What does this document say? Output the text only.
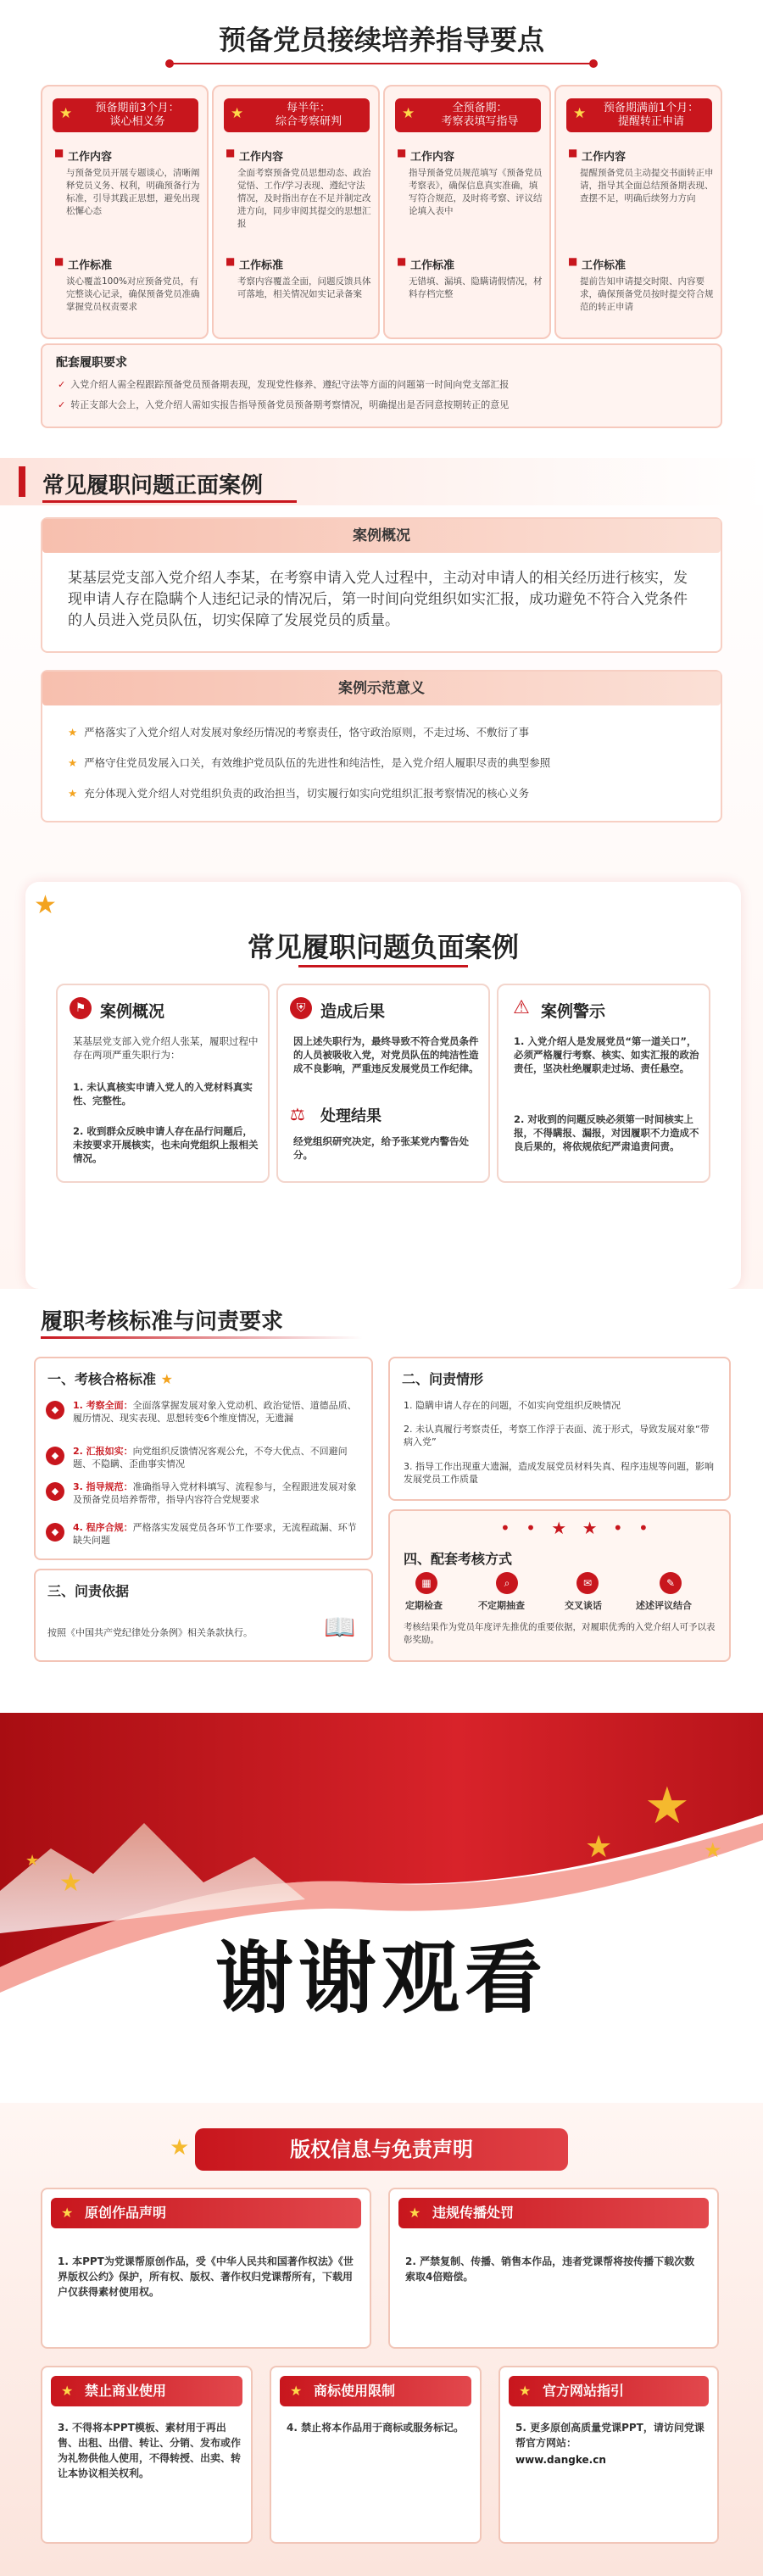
预备党员接续培养指导要点
★	预备期前3个月：
谈心相义务
■ 工作内容
与预备党员开展专题谈心，清晰阐释党员义务、权利，明确预备行为标准，引导其践正思想，避免出现松懈心态
■ 工作标准
谈心覆盖100%对应预备党员，有完整谈心记录，确保预备党员准确掌握党员权责要求
★	每半年：
综合考察研判
■ 工作内容
全面考察预备党员思想动态、政治觉悟、工作/学习表现、遵纪守法情况，及时指出存在不足并制定改进方向，同步审阅其提交的思想汇报
■ 工作标准
考察内容覆盖全面，问题反馈具体可落地，相关情况如实记录备案
★	全预备期：
考察表填写指导
■ 工作内容
指导预备党员规范填写《预备党员考察表》，确保信息真实准确，填写符合规范，及时将考察、评议结论填入表中
■ 工作标准
无错填、漏填、隐瞒请假情况，材料存档完整
★	预备期满前1个月：
提醒转正申请
■ 工作内容
提醒预备党员主动提交书面转正申请，指导其全面总结预备期表现、查摆不足，明确后续努力方向
■ 工作标准
提前告知申请提交时限、内容要求，确保预备党员按时提交符合规范的转正申请
配套履职要求
✓ 入党介绍人需全程跟踪预备党员预备期表现，发现党性修养、遵纪守法等方面的问题第一时间向党支部汇报
✓ 转正支部大会上，入党介绍人需如实报告指导预备党员预备期考察情况，明确提出是否同意按期转正的意见
常见履职问题正面案例
案例概况
某基层党支部入党介绍人李某，在考察申请入党人过程中，主动对申请人的相关经历进行核实，发现申请人存在隐瞒个人违纪记录的情况后，第一时间向党组织如实汇报，成功避免不符合入党条件的人员进入党员队伍，切实保障了发展党员的质量。
案例示范意义
★ 严格落实了入党介绍人对发展对象经历情况的考察责任，恪守政治原则，不走过场、不敷衍了事
★ 严格守住党员发展入口关，有效维护党员队伍的先进性和纯洁性，是入党介绍人履职尽责的典型参照
★ 充分体现入党介绍人对党组织负责的政治担当，切实履行如实向党组织汇报考察情况的核心义务
★
常见履职问题负面案例
⚑ 案例概况
某基层党支部入党介绍人张某，履职过程中存在两项严重失职行为：
1. 未认真核实申请入党人的入党材料真实性、完整性。
2. 收到群众反映申请人存在品行问题后，未按要求开展核实，也未向党组织上报相关情况。
⛨ 造成后果
因上述失职行为，最终导致不符合党员条件的人员被吸收入党，对党员队伍的纯洁性造成不良影响，严重违反发展党员工作纪律。
⚖	处理结果
经党组织研究决定，给予张某党内警告处分。
⚠ 案例警示
1. 入党介绍人是发展党员“第一道关口”，必须严格履行考察、核实、如实汇报的政治责任，坚决杜绝履职走过场、责任悬空。
2. 对收到的问题反映必须第一时间核实上报，不得瞒报、漏报，对因履职不力造成不良后果的，将依规依纪严肃追责问责。
履职考核标准与问责要求
一、考核合格标准 ★
◆	1. 考察全面：全面落掌握发展对象入党动机、政治觉悟、道德品质、履历情况、现实表现、思想转变6个维度情况，无遗漏
◆	2. 汇报如实：向党组织反馈情况客观公允，不夸大优点、不回避问题、不隐瞒、歪曲事实情况
◆	3. 指导规范：准确指导入党材料填写、流程参与，全程跟进发展对象及预备党员培养帮带，指导内容符合党规要求
◆	4. 程序合规：严格落实发展党员各环节工作要求，无流程疏漏、环节缺失问题
三、问责依据
按照《中国共产党纪律处分条例》相关条款执行。	📖
二、问责情形
1. 隐瞒申请人存在的问题，不如实向党组织反映情况
2. 未认真履行考察责任，考察工作浮于表面、流于形式，导致发展对象“带病入党”
3. 指导工作出现重大遗漏，造成发展党员材料失真、程序违规等问题，影响发展党员工作质量
• • ★ ★ • •
四、配套考核方式
▦	⌕	✉	✎
定期检查	不定期抽查	交叉谈话	述述评议结合
考核结果作为党员年度评先推优的重要依据，对履职优秀的入党介绍人可予以表彰奖励。
★
★
★
★
★
谢谢观看
版权信息与免责声明
★
★ 原创作品声明
1. 本PPT为党课帮原创作品，受《中华人民共和国著作权法》《世界版权公约》保护，所有权、版权、著作权归党课帮所有，下载用户仅获得素材使用权。
★ 违规传播处罚
2. 严禁复制、传播、销售本作品，违者党课帮将按传播下载次数索取4倍赔偿。
★ 禁止商业使用
3. 不得将本PPT模板、素材用于再出售、出租、出借、转让、分销、发布或作为礼物供他人使用，不得转授、出卖、转让本协议相关权利。
★ 商标使用限制
4. 禁止将本作品用于商标或服务标记。
★ 官方网站指引
5. 更多原创高质量党课PPT，请访问党课帮官方网站：
www.dangke.cn
